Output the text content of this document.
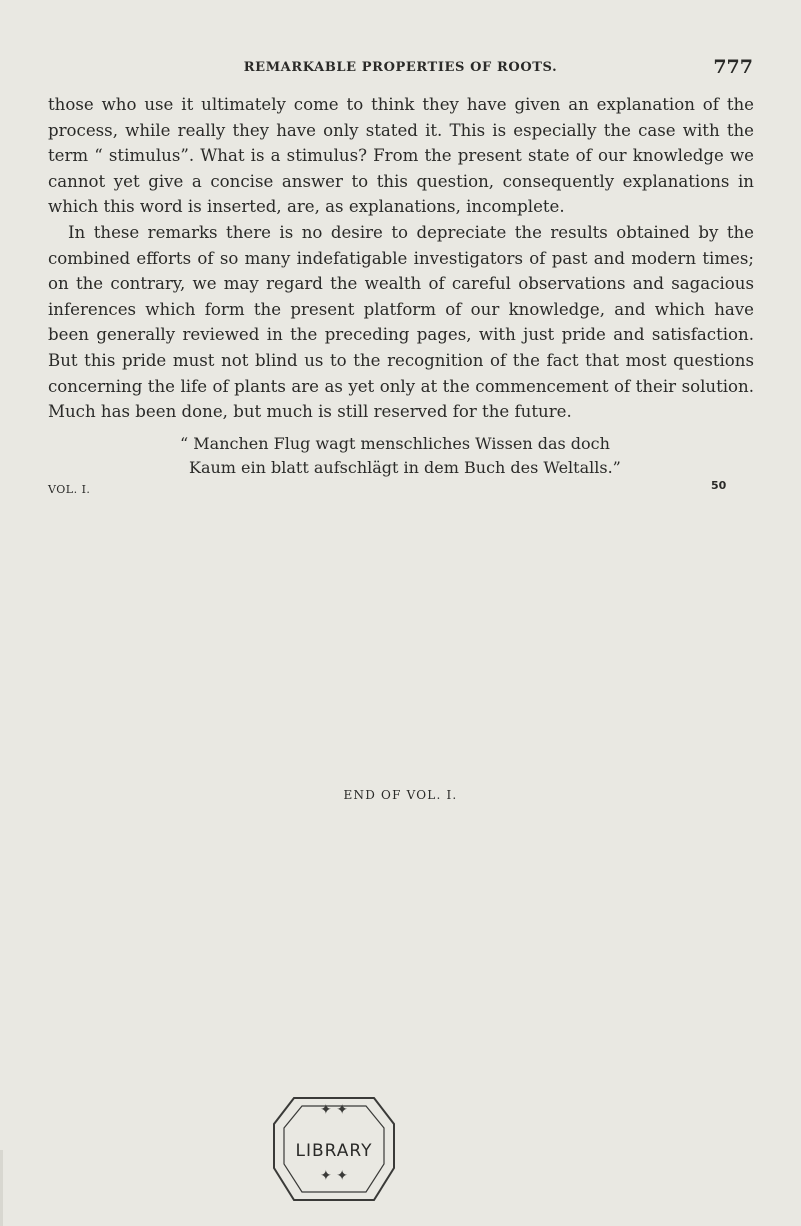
REMARKABLE PROPERTIES OF ROOTS.	777

those who use it ultimately come to think they have given an explanation of the process, while really they have only stated it. This is especially the case with the term “ stimulus”. What is a stimulus? From the present state of our knowledge we cannot yet give a concise answer to this question, consequently explanations in which this word is inserted, are, as explanations, incomplete.

In these remarks there is no desire to depreciate the results obtained by the combined efforts of so many indefatigable investigators of past and modern times; on the contrary, we may regard the wealth of careful observations and sagacious inferences which form the present platform of our knowledge, and which have been generally reviewed in the preceding pages, with just pride and satisfaction. But this pride must not blind us to the recognition of the fact that most questions concerning the life of plants are as yet only at the commencement of their solution. Much has been done, but much is still reserved for the future.

“ Manchen Flug wagt menschliches Wissen das doch
Kaum ein blatt aufschlägt in dem Buch des Weltalls.”
VOL. I.	50
END OF VOL. I.
✦ ✦
✦ ✦
LIBRARY
